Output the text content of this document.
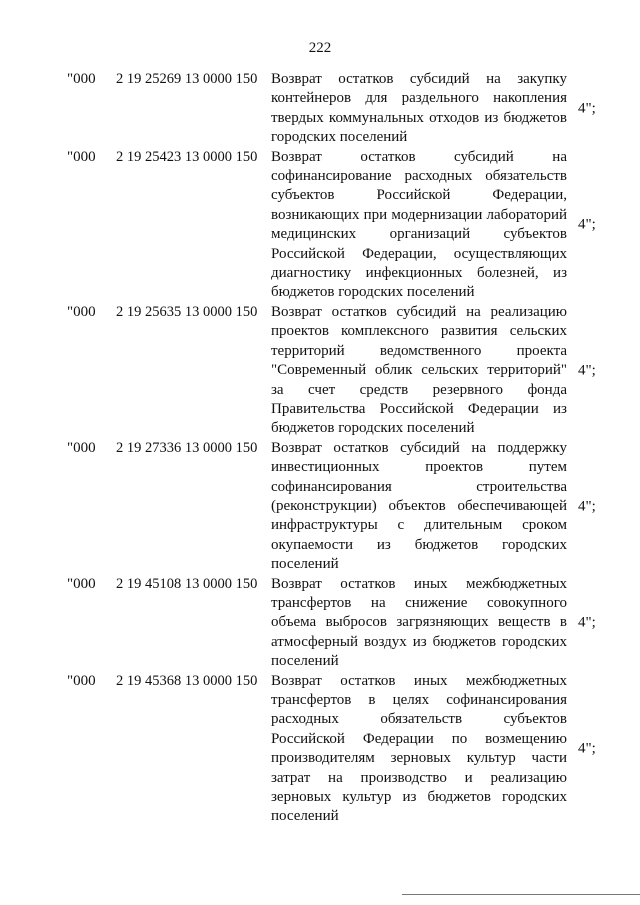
222
"000 2 19 25269 13 0000 150 Возврат остатков субсидий на закупку контейнеров для раздельного накопления твердых коммунальных отходов из бюджетов городских поселений
4";
"000 2 19 25423 13 0000 150 Возврат остатков субсидий на софинансирование расходных обязательств субъектов Российской Федерации, возникающих при модернизации лабораторий медицинских организаций субъектов Российской Федерации, осуществляющих диагностику инфекционных болезней, из бюджетов городских поселений
4";
"000 2 19 25635 13 0000 150 Возврат остатков субсидий на реализацию проектов комплексного развития сельских территорий ведомственного проекта "Современный облик сельских территорий" за счет средств резервного фонда Правительства Российской Федерации из бюджетов городских поселений
4";
"000 2 19 27336 13 0000 150 Возврат остатков субсидий на поддержку инвестиционных проектов путем софинансирования строительства (реконструкции) объектов обеспечивающей инфраструктуры с длительным сроком окупаемости из бюджетов городских поселений
4";
"000 2 19 45108 13 0000 150 Возврат остатков иных межбюджетных трансфертов на снижение совокупного объема выбросов загрязняющих веществ в атмосферный воздух из бюджетов городских поселений
4";
"000 2 19 45368 13 0000 150 Возврат остатков иных межбюджетных трансфертов в целях софинансирования расходных обязательств субъектов Российской Федерации по возмещению производителям зерновых культур части затрат на производство и реализацию зерновых культур из бюджетов городских поселений
4";
